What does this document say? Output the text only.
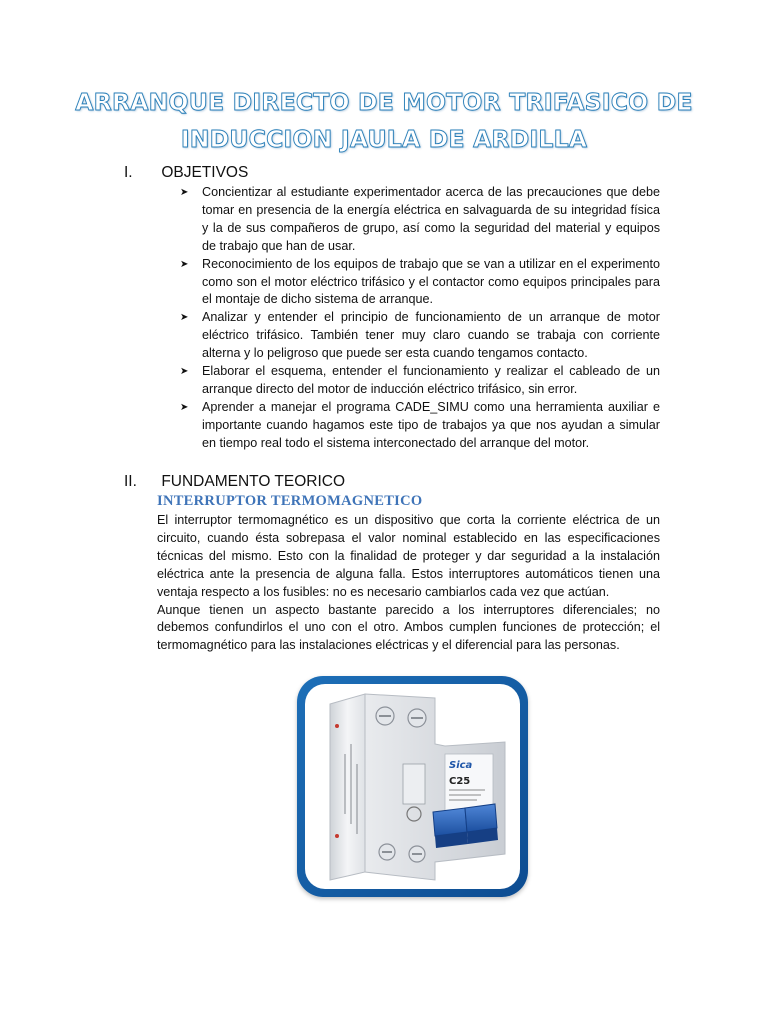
ARRANQUE DIRECTO DE MOTOR TRIFASICO DE
INDUCCION JAULA DE ARDILLA
I. OBJETIVOS
➤ Concientizar al estudiante experimentador acerca de las precauciones que debe tomar en presencia de la energía eléctrica en salvaguarda de su integridad física y la de sus compañeros de grupo, así como la seguridad del material y equipos de trabajo que han de usar.
➤ Reconocimiento de los equipos de trabajo que se van a utilizar en el experimento como son el motor eléctrico trifásico y el contactor como equipos principales para el montaje de dicho sistema de arranque.
➤ Analizar y entender el principio de funcionamiento de un arranque de motor eléctrico trifásico. También tener muy claro cuando se trabaja con corriente alterna y lo peligroso que puede ser esta cuando tengamos contacto.
➤ Elaborar el esquema, entender el funcionamiento y realizar el cableado de un arranque directo del motor de inducción eléctrico trifásico, sin error.
➤ Aprender a manejar el programa CADE_SIMU como una herramienta auxiliar e importante cuando hagamos este tipo de trabajos ya que nos ayudan a simular en tiempo real todo el sistema interconectado del arranque del motor.
II. FUNDAMENTO TEORICO
INTERRUPTOR TERMOMAGNETICO

El interruptor termomagnético es un dispositivo que corta la corriente eléctrica de un circuito, cuando ésta sobrepasa el valor nominal establecido en las especificaciones técnicas del mismo. Esto con la finalidad de proteger y dar seguridad a la instalación eléctrica ante la presencia de alguna falla. Estos interruptores automáticos tienen una ventaja respecto a los fusibles: no es necesario cambiarlos cada vez que actúan.

Aunque tienen un aspecto bastante parecido a los interruptores diferenciales; no debemos confundirlos el uno con el otro. Ambos cumplen funciones de protección; el termomagnético para las instalaciones eléctricas y el diferencial para las personas.

Sica
C25
